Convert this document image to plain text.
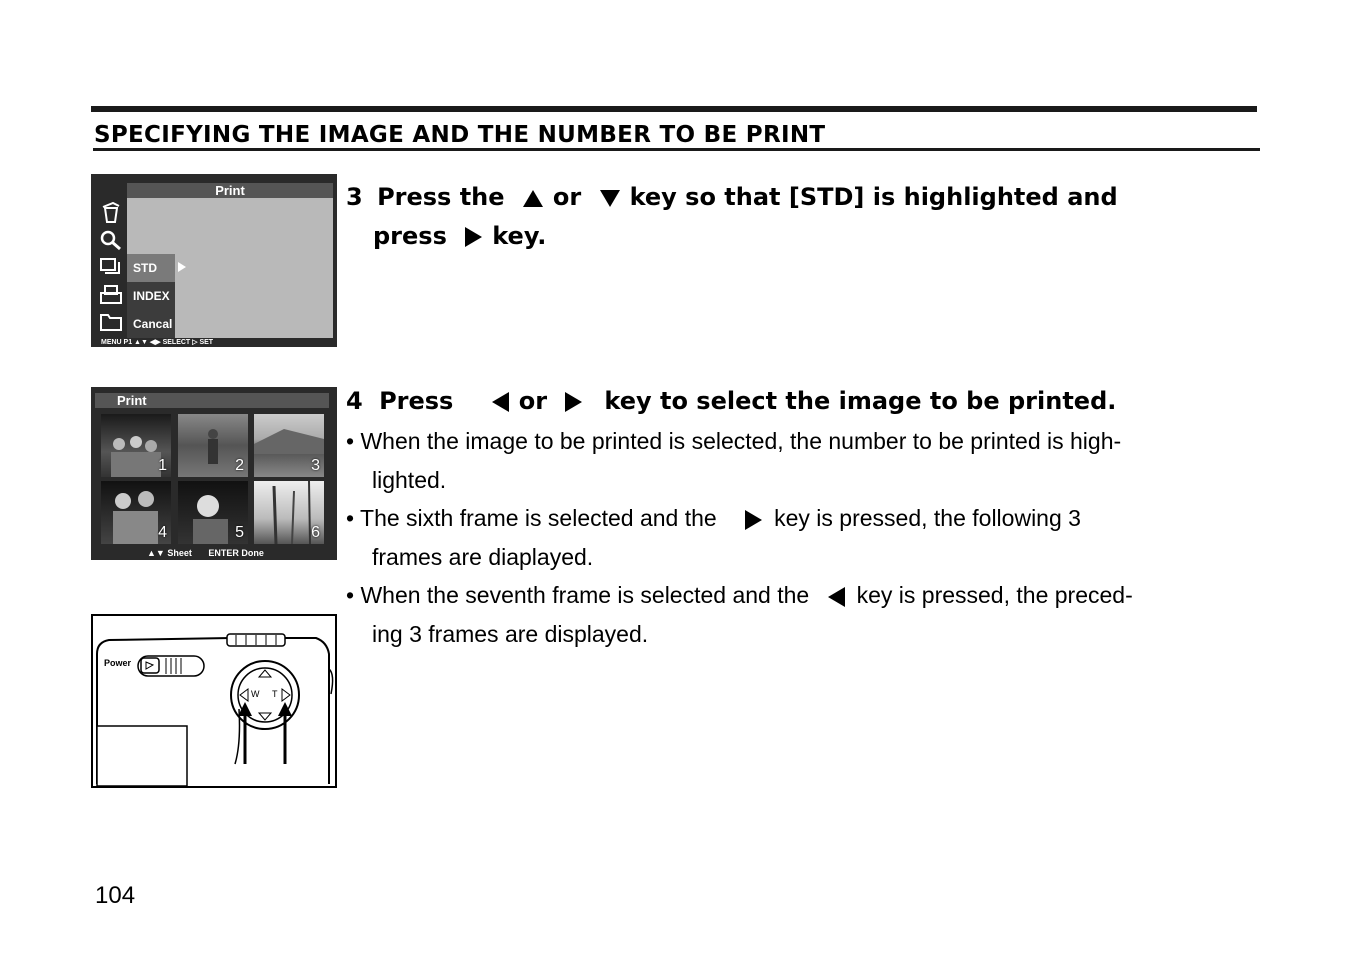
SPECIFYING THE IMAGE AND THE NUMBER TO BE PRINT
Print
STD
INDEX
Cancal
MENU P1 ▲▼ ◀▶ SELECT ▷ SET
3 Press the or key so that [STD] is highlighted and
press key.
Print
1	2	3
4	5	6
▲▼ Sheet ENTER Done
4 Press	or key to select the image to be printed.
• When the image to be printed is selected, the number to be printed is high-
lighted.
• The sixth frame is selected and the key is pressed, the following 3
frames are diaplayed.
• When the seventh frame is selected and the key is pressed, the preced-
ing 3 frames are displayed.
Power
W T
104
